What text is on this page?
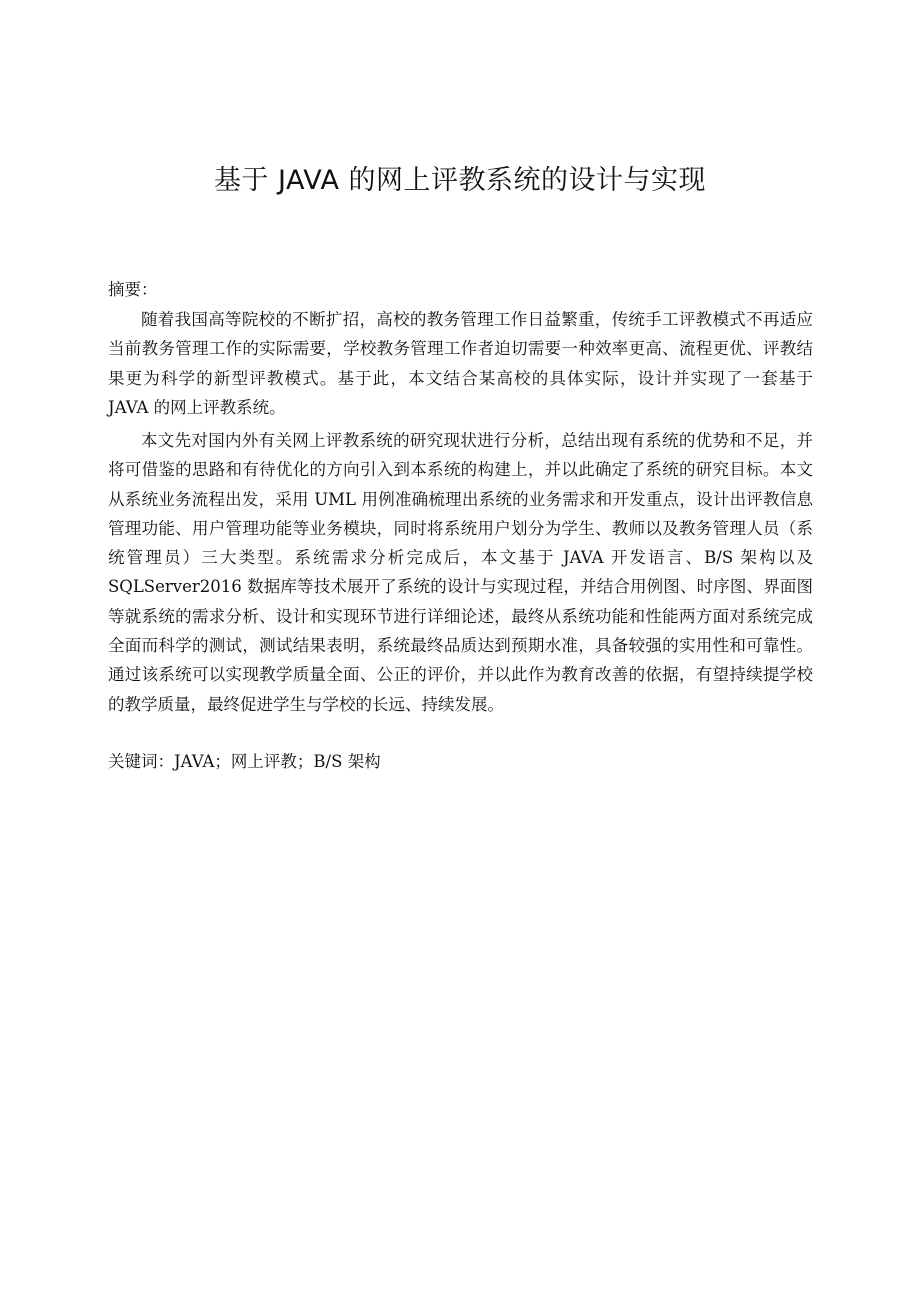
基于 JAVA 的网上评教系统的设计与实现
摘要：

随着我国高等院校的不断扩招，高校的教务管理工作日益繁重，传统手工评教模式不再适应当前教务管理工作的实际需要，学校教务管理工作者迫切需要一种效率更高、流程更优、评教结果更为科学的新型评教模式。基于此，本文结合某高校的具体实际，设计并实现了一套基于 JAVA 的网上评教系统。

本文先对国内外有关网上评教系统的研究现状进行分析，总结出现有系统的优势和不足，并将可借鉴的思路和有待优化的方向引入到本系统的构建上，并以此确定了系统的研究目标。本文从系统业务流程出发，采用 UML 用例准确梳理出系统的业务需求和开发重点，设计出评教信息管理功能、用户管理功能等业务模块，同时将系统用户划分为学生、教师以及教务管理人员（系统管理员）三大类型。系统需求分析完成后，本文基于 JAVA 开发语言、B/S 架构以及 SQLServer2016 数据库等技术展开了系统的设计与实现过程，并结合用例图、时序图、界面图等就系统的需求分析、设计和实现环节进行详细论述，最终从系统功能和性能两方面对系统完成全面而科学的测试，测试结果表明，系统最终品质达到预期水准，具备较强的实用性和可靠性。通过该系统可以实现教学质量全面、公正的评价，并以此作为教育改善的依据，有望持续提学校的教学质量，最终促进学生与学校的长远、持续发展。

关键词：JAVA；网上评教；B/S 架构
